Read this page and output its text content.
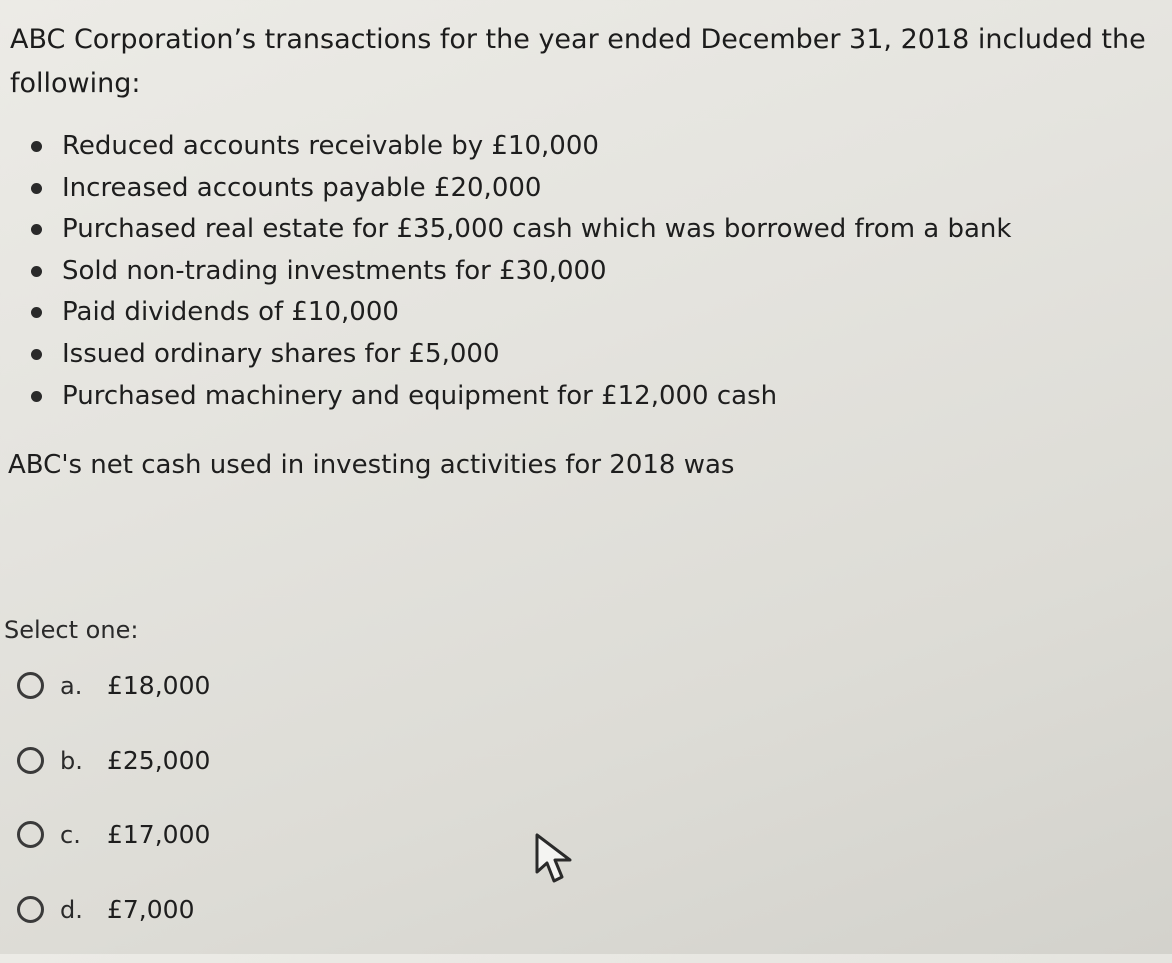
ABC Corporation’s transactions for the year ended December 31, 2018 included the following:
Reduced accounts receivable by £10,000
Increased accounts payable £20,000
Purchased real estate for £35,000 cash which was borrowed from a bank
Sold non-trading investments for £30,000
Paid dividends of £10,000
Issued ordinary shares for £5,000
Purchased machinery and equipment for £12,000 cash
ABC's net cash used in investing activities for 2018 was
Select one:
a. £18,000
b. £25,000
c. £17,000
d. £7,000
